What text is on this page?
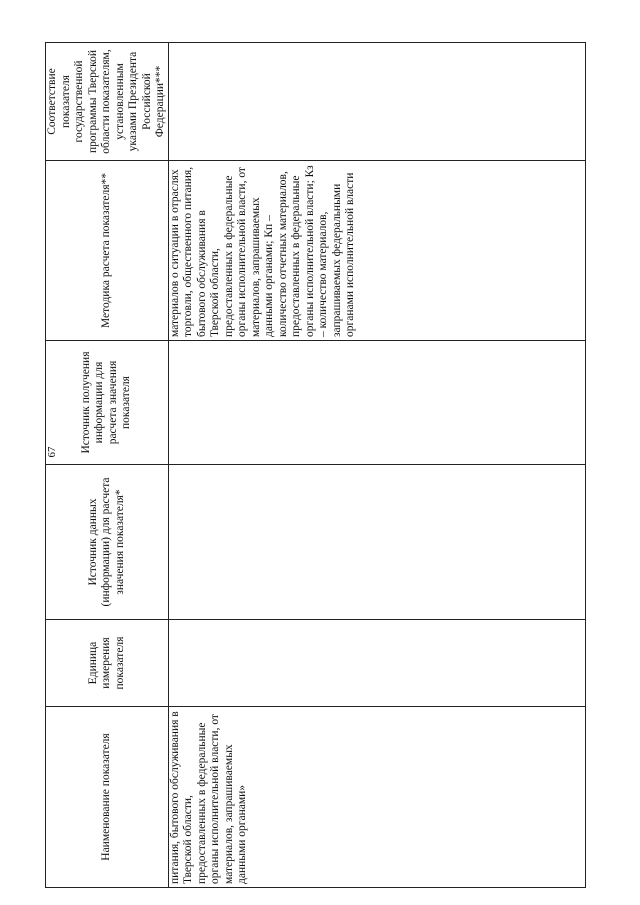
67
Наименование показателя	Единица измерения показателя	Источник данных (информации) для расчета значения показателя*	Источник получения информации для расчета значения показателя	Методика расчета показателя**	Соответствие показателя государственной программы Тверской области показателям, установленным указами Президента Российской Федерации***

питания, бытового обслуживания в Тверской области, предоставленных в федеральные органы исполнительной власти, от материалов, запрашиваемых данными органами»				материалов о ситуации в отраслях торговли, общественного питания, бытового обслуживания в Тверской области, предоставленных в федеральные органы исполнительной власти, от материалов, запрашиваемых данными органами; Кп – количество отчетных материалов, предоставленных в федеральные органы исполнительной власти; Кз – количество материалов, запрашиваемых федеральными органами исполнительной власти	
